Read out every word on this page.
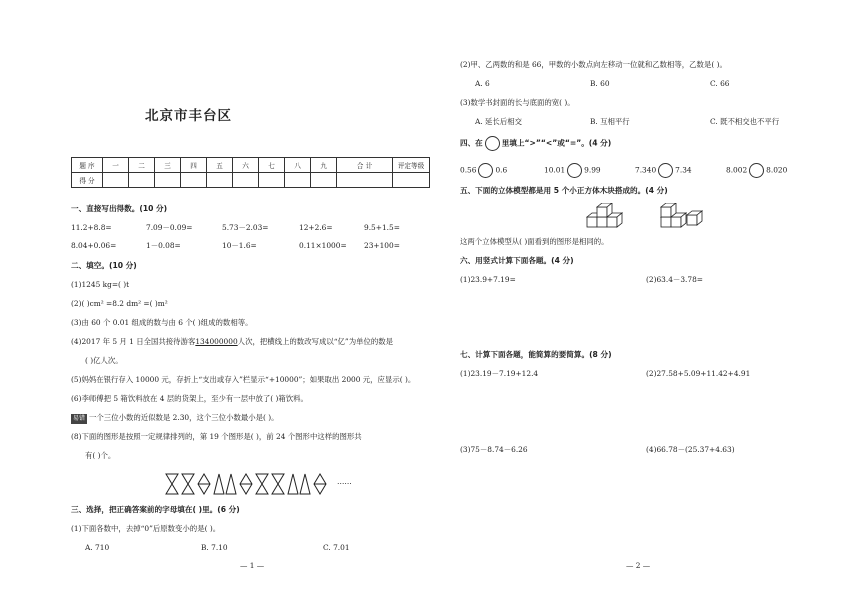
北京市丰台区
题 序	一	二	三	四	五	六	七	八	九	合 计	评定等级
得 分											
一、直接写出得数。(10 分)
11.2+8.8=	7.09－0.09=	5.73－2.03=	12+2.6=	9.5+1.5=
8.04+0.06=	1－0.08=	10－1.6=	0.11×1000= 23+100=
二、填空。(10 分)
(1)1245 kg=( )t
(2)( )cm² =8.2 dm² =( )m²
(3)由 60 个 0.01 组成的数与由 6 个( )组成的数相等。
(4)2017 年 5 月 1 日全国共接待游客134000000人次，把横线上的数改写成以“亿”为单位的数是
( )亿人次。
(5)妈妈在银行存入 10000 元，存折上“支出或存入”栏显示“+10000”；如果取出 2000 元，应显示( )。
(6)李师傅把 5 箱饮料放在 4 层的货架上，至少有一层中放了( )箱饮料。
易错 一个三位小数的近似数是 2.30，这个三位小数最小是( )。
(8)下面的图形是按照一定规律排列的，第 19 个图形是( )，前 24 个图形中这样的图形共
有( )个。
……
三、选择，把正确答案前的字母填在( )里。(6 分)
(1)下面各数中，去掉“0”后原数变小的是( )。
A. 710	B. 7.10	C. 7.01
— 1 —
(2)甲、乙两数的和是 66，甲数的小数点向左移动一位就和乙数相等，乙数是( )。
A. 6	B. 60	C. 66
(3)数学书封面的长与底面的宽( )。
A. 延长后相交	B. 互相平行	C. 既不相交也不平行
四、在	里填上“>”“<”或“=”。(4 分)
0.56	0.6	10.01	9.99	7.340	7.34	8.002	8.020
五、下面的立体模型都是用 5 个小正方体木块搭成的。(4 分)
这两个立体模型从( )面看到的图形是相同的。
六、用竖式计算下面各题。(4 分)
(1)23.9+7.19=	(2)63.4－3.78=
七、计算下面各题，能简算的要简算。(8 分)
(1)23.19－7.19+12.4	(2)27.58+5.09+11.42+4.91
(3)75－8.74－6.26	(4)66.78－(25.37+4.63)
— 2 —
